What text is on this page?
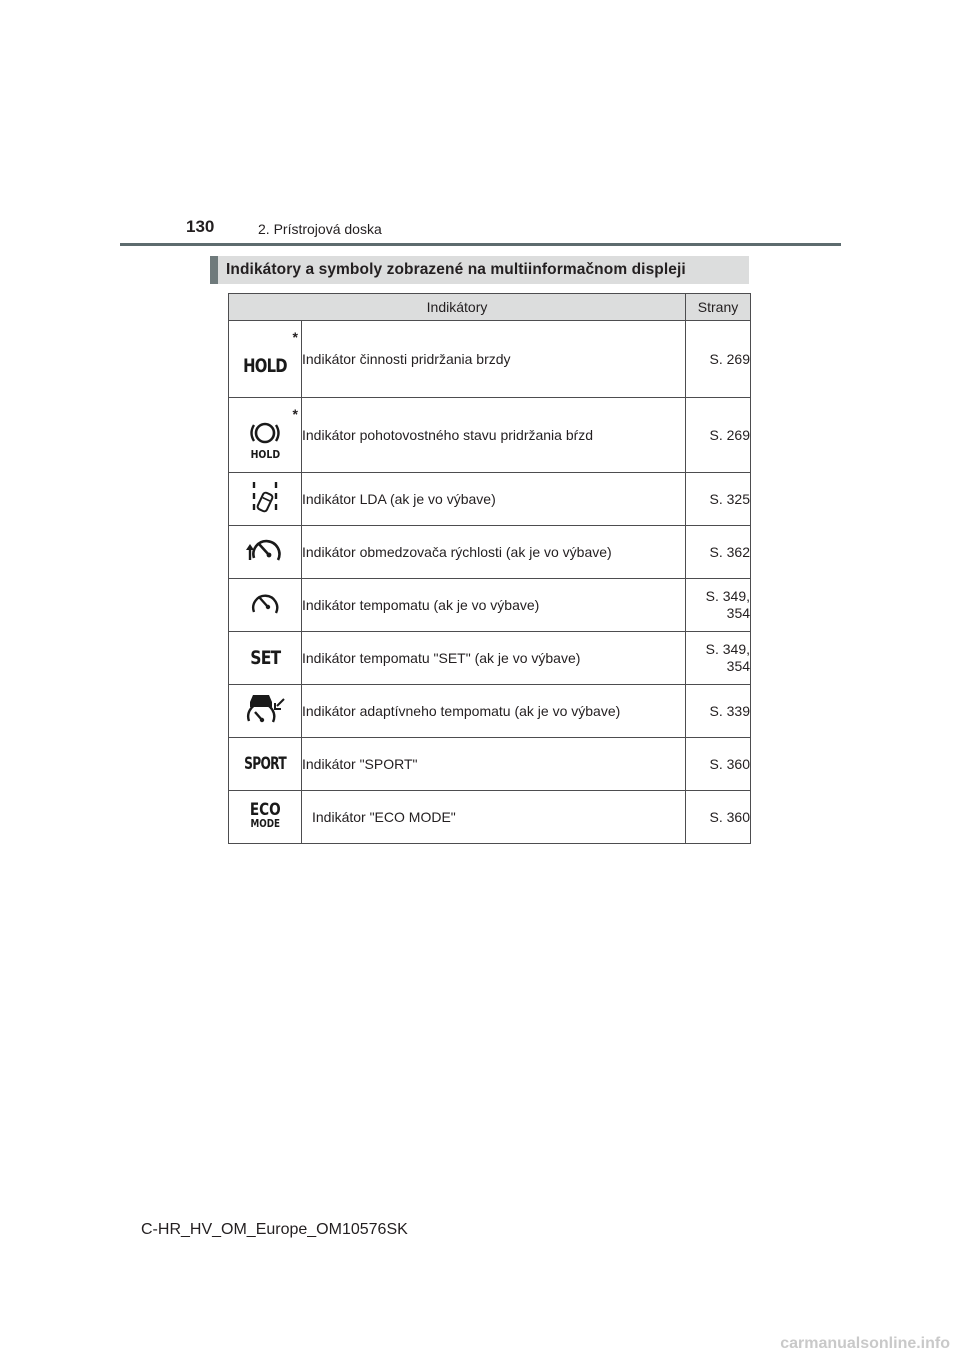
130	2. Prístrojová doska
Indikátory a symboly zobrazené na multiinformačnom displeji
Indikátory		Strany

*
HOLD	Indikátor činnosti pridržania brzdy	S. 269

*
HOLD	Indikátor pohotovostného stavu pridržania bŕzd	S. 269
	Indikátor LDA (ak je vo výbave)	S. 325
	Indikátor obmedzovača rýchlosti (ak je vo výbave)	S. 362
	Indikátor tempomatu (ak je vo výbave)	S. 349,
354

SET	Indikátor tempomatu "SET" (ak je vo výbave)	S. 349,
354

	Indikátor adaptívneho tempomatu (ak je vo výbave)	S. 339
SPORT	Indikátor "SPORT"	S. 360

ECO
MODE	Indikátor "ECO MODE"	S. 360
C-HR_HV_OM_Europe_OM10576SK
carmanualsonline.info
